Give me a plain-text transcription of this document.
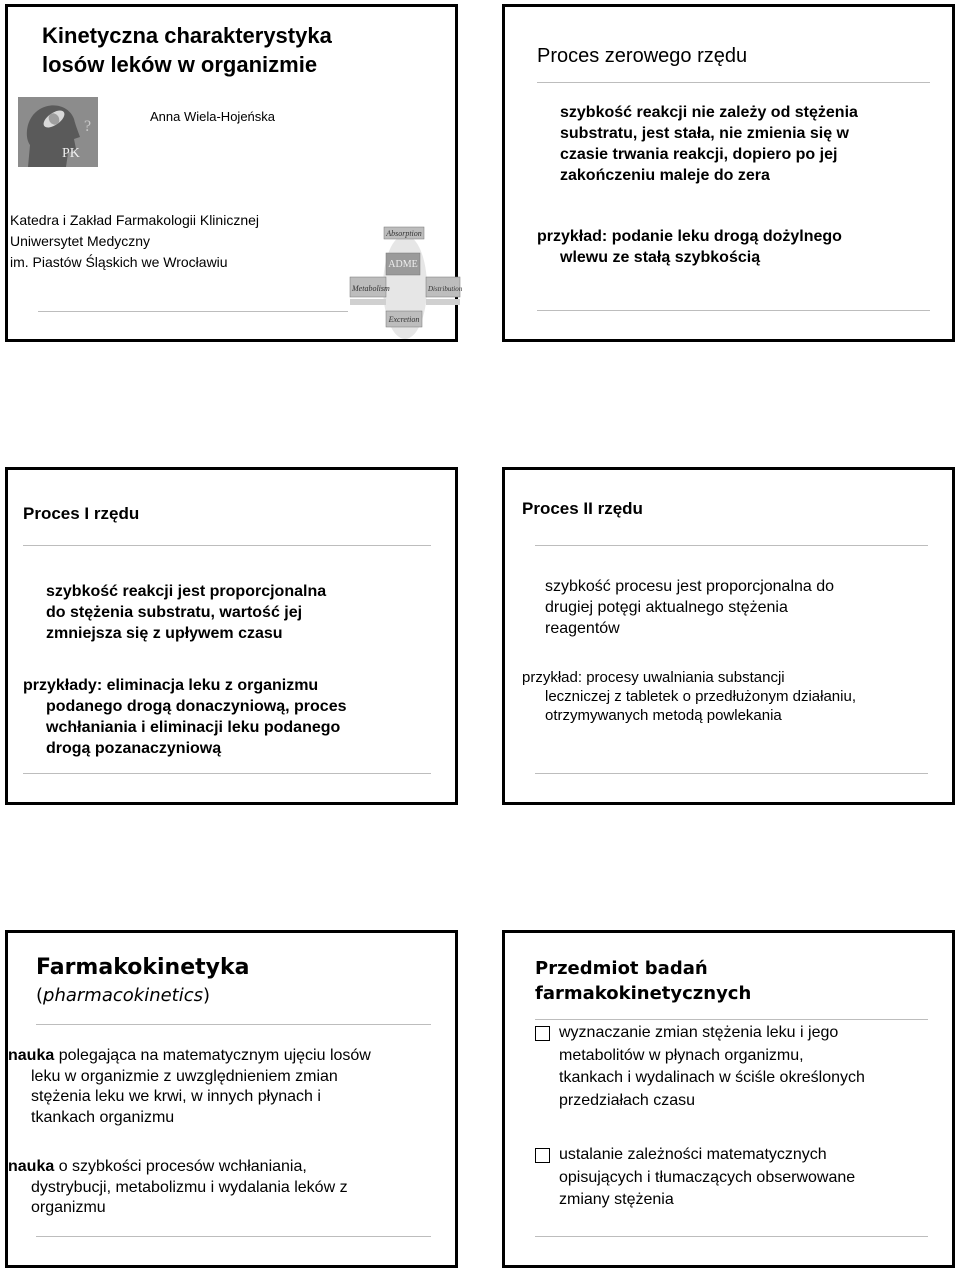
Kinetyczna charakterystyka
losów leków w organizmie
Anna Wiela-Hojeńska
PK
?
Katedra i Zakład Farmakologii Klinicznej
Uniwersytet Medyczny
im. Piastów Śląskich we Wrocławiu
Absorption
ADME
Metabolism	Distribution
Excretion
Proces zerowego rzędu
szybkość reakcji nie zależy od stężenia
substratu, jest stała, nie zmienia się w
czasie trwania reakcji, dopiero po jej
zakończeniu maleje do zera
przykład: podanie leku drogą dożylnego
wlewu ze stałą szybkością
Proces I rzędu
szybkość reakcji jest proporcjonalna
do stężenia substratu, wartość jej
zmniejsza się z upływem czasu
przykłady: eliminacja leku z organizmu
podanego drogą donaczyniową, proces
wchłaniania i eliminacji leku podanego
drogą pozanaczyniową
Proces II rzędu
szybkość procesu jest proporcjonalna do
drugiej potęgi aktualnego stężenia
reagentów
przykład: procesy uwalniania substancji
leczniczej z tabletek o przedłużonym działaniu,
otrzymywanych metodą powlekania
Farmakokinetyka
(pharmacokinetics)
nauka polegająca na matematycznym ujęciu losów
leku w organizmie z uwzględnieniem zmian
stężenia leku we krwi, w innych płynach i
tkankach organizmu
nauka o szybkości procesów wchłaniania,
dystrybucji, metabolizmu i wydalania leków z
organizmu
Przedmiot badań
farmakokinetycznych
wyznaczanie zmian stężenia leku i jego
metabolitów w płynach organizmu,
tkankach i wydalinach w ściśle określonych
przedziałach czasu
ustalanie zależności matematycznych
opisujących i tłumaczących obserwowane
zmiany stężenia
